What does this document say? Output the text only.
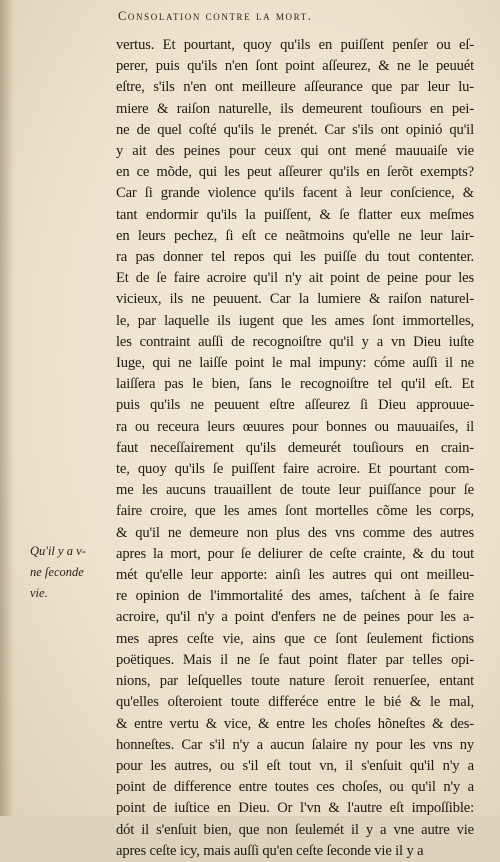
Consolation contre la mort.
vertus. Et pourtant, quoy qu'ils en puiſſent penſer ou eſ-
perer, puis qu'ils n'en ſont point aſſeurez, & ne le peuuét
eſtre, s'ils n'en ont meilleure aſſeurance que par leur lu-
miere & raiſon naturelle, ils demeurent touſiours en pei-
ne de quel coſté qu'ils le prenét. Car s'ils ont opinió qu'il
y ait des peines pour ceux qui ont mené mauuaiſe vie
en ce mõde, qui les peut aſſeurer qu'ils en ſerõt exempts?
Car ſi grande violence qu'ils facent à leur conſcience, &
tant endormir qu'ils la puiſſent, & ſe flatter eux meſmes
en leurs pechez, ſi eſt ce neãtmoins qu'elle ne leur lair-
ra pas donner tel repos qui les puiſſe du tout contenter.
Et de ſe faire acroire qu'il n'y ait point de peine pour les
vicieux, ils ne peuuent. Car la lumiere & raiſon naturel-
le, par laquelle ils iugent que les ames ſont immortelles,
les contraint auſſi de recognoiſtre qu'il y a vn Dieu iuſte
Iuge, qui ne laiſſe point le mal impuny: cóme auſſi il ne
laiſſera pas le bien, ſans le recognoiſtre tel qu'il eſt. Et
puis qu'ils ne peuuent eſtre aſſeurez ſi Dieu approuue-
ra ou receura leurs œuures pour bonnes ou mauuaiſes, il
faut neceſſairement qu'ils demeurét touſiours en crain-
te, quoy qu'ils ſe puiſſent faire acroire. Et pourtant com-
me les aucuns trauaillent de toute leur puiſſance pour ſe
faire croire, que les ames ſont mortelles cõme les corps,
& qu'il ne demeure non plus des vns comme des autres
apres la mort, pour ſe deliurer de ceſte crainte, & du tout
mét qu'elle leur apporte: ainſi les autres qui ont meilleu-
re opinion de l'immortalité des ames, taſchent à ſe faire
acroire, qu'il n'y a point d'enfers ne de peines pour les a-
mes apres ceſte vie, ains que ce ſont ſeulement fictions
poëtiques. Mais il ne ſe faut point flater par telles opi-
nions, par leſquelles toute nature ſeroit renuerſee, entant
qu'elles oſteroient toute differéce entre le bié & le mal,
& entre vertu & vice, & entre les choſes hõneſtes & des-
honneſtes. Car s'il n'y a aucun ſalaire ny pour les vns ny
pour les autres, ou s'il eſt tout vn, il s'enſuit qu'il n'y a
point de difference entre toutes ces choſes, ou qu'il n'y a
point de iuſtice en Dieu. Or l'vn & l'autre eſt impoſſible:
dót il s'enſuit bien, que non ſeulemét il y a vne autre vie
apres ceſte icy, mais auſſi qu'en ceſte ſeconde vie il y a
Qu'il y a v-
ne ſeconde
vie.
